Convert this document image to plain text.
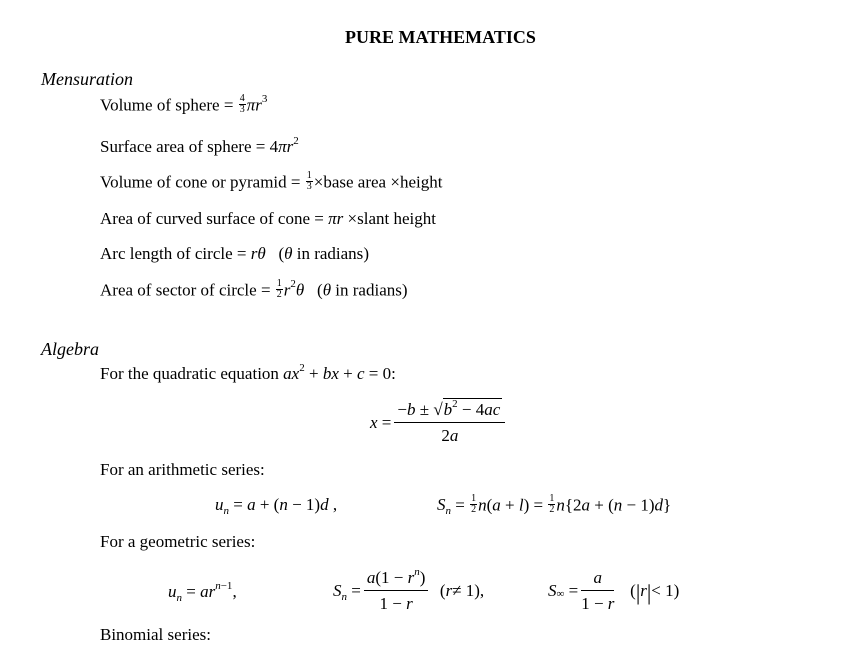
PURE MATHEMATICS
Mensuration
Volume of sphere = $\frac{4}{3} \pi r^3$
Surface area of sphere = $4\pi r^2$
Volume of cone or pyramid = $\frac{1}{3}$ ×base area ×height
Area of curved surface of cone = πr ×slant height
Arc length of circle = rθ   (θ in radians)
Area of sector of circle = $\frac{1}{2} r^2\theta$   (θ in radians)
Algebra
For the quadratic equation $ax^2$ + bx + c = 0:
x =
$-b \pm √b^2 - 4ac$
2a
For an arithmetic series:
$u_n = a + (n - 1)d$ ,	$S_n = \frac{1}{2} n(a + l) = \frac{1}{2} n\{2a + (n - 1)d\}$
For a geometric series:
$u_n = ar^{n-1}$,	$S_n$ =
$a(1 - r^n)$
1 − r
( r ≠ 1),	$S_\infty$ =
a
1 − r
( | r | < 1)
Binomial series:
